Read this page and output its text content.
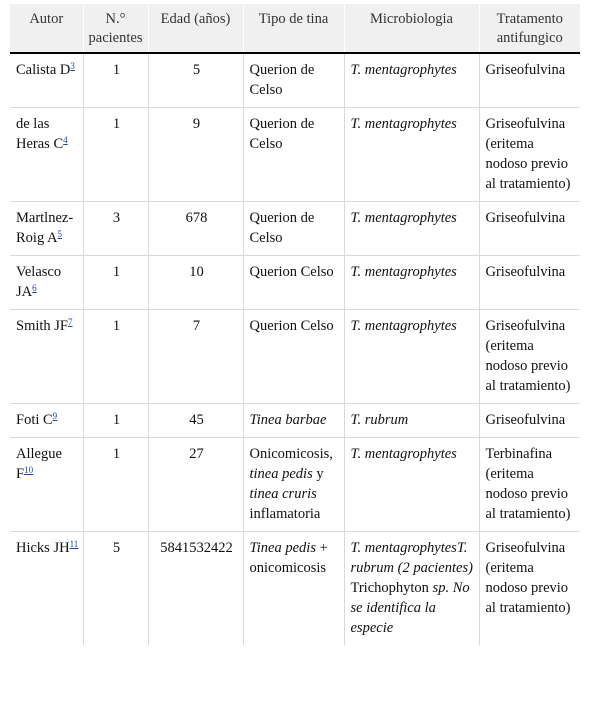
Autor	N.° pacientes	Edad (años)	Tipo de tina	Microbiologia	Tratamento antifungico
Calista $D^3$	1	5	Querion de Celso	T. mentagrophytes	Griseofulvina
de las Heras $C^4$	1	9	Querion de Celso	T. mentagrophytes	Griseofulvina (eritema nodoso previo al tratamiento)
Martlnez-Roig $A^5$	3	678	Querion de Celso	T. mentagrophytes	Griseofulvina
Velasco $JA^6$	1	10	Querion Celso	T. mentagrophytes	Griseofulvina
Smith $JF^7$	1	7	Querion Celso	T. mentagrophytes	Griseofulvina (eritema nodoso previo al tratamiento)
Foti $C^9$	1	45	Tinea barbae	T. rubrum	Griseofulvina
Allegue $F^{10}$	1	27	Onicomicosis, tinea pedis y tinea cruris inflamatoria	T. mentagrophytes	Terbinafina (eritema nodoso previo al tratamiento)
Hicks JH$^{11}$	5	5841532422	Tinea pedis + onicomicosis	T. mentagrophytesT. rubrum (2 pacientes) Trichophyton sp. No se identifica la especie	Griseofulvina (eritema nodoso previo al tratamiento)
